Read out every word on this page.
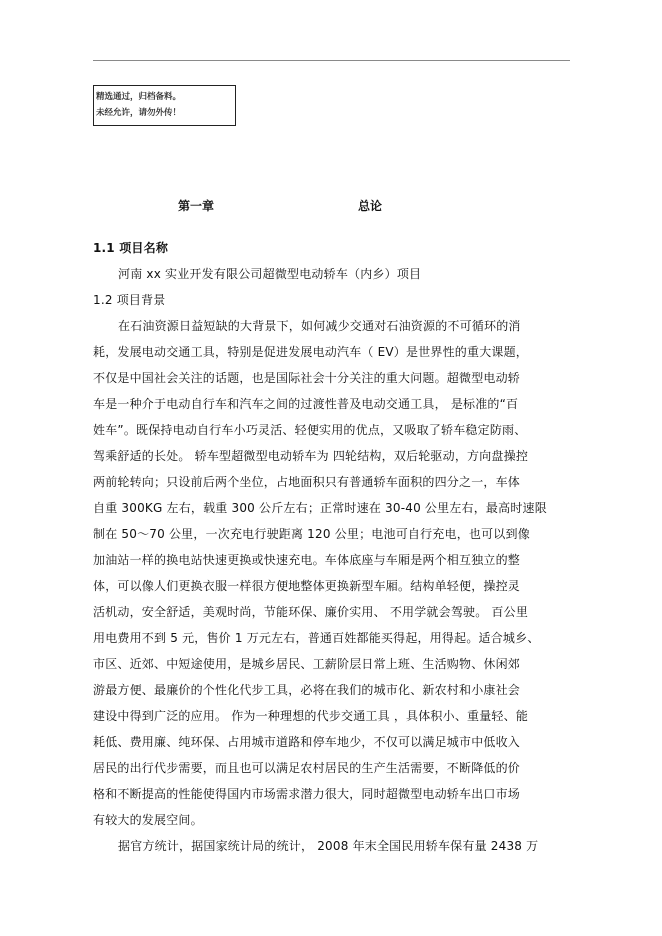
精选通过，归档备料。
未经允许，请勿外传！
第一章	总论
1.1 项目名称
河南 xx 实业开发有限公司超微型电动轿车（内乡）项目
1.2 项目背景
在石油资源日益短缺的大背景下，如何减少交通对石油资源的不可循环的消
耗，发展电动交通工具，特别是促进发展电动汽车（ EV）是世界性的重大课题，
不仅是中国社会关注的话题，也是国际社会十分关注的重大问题。超微型电动轿
车是一种介于电动自行车和汽车之间的过渡性普及电动交通工具， 是标准的“百
姓车”。既保持电动自行车小巧灵活、轻便实用的优点，又吸取了轿车稳定防雨、
驾乘舒适的长处。 轿车型超微型电动轿车为 四轮结构，双后轮驱动，方向盘操控
两前轮转向；只设前后两个坐位，占地面积只有普通轿车面积的四分之一，车体
自重 300KG 左右，载重 300 公斤左右；正常时速在 30-40 公里左右，最高时速限
制在 50～70 公里，一次充电行驶距离 120 公里；电池可自行充电，也可以到像
加油站一样的换电站快速更换或快速充电。车体底座与车厢是两个相互独立的整
体，可以像人们更换衣服一样很方便地整体更换新型车厢。结构单轻便，操控灵
活机动，安全舒适，美观时尚，节能环保、廉价实用、 不用学就会驾驶。 百公里
用电费用不到 5 元，售价 1 万元左右，普通百姓都能买得起，用得起。适合城乡、
市区、近郊、中短途使用，是城乡居民、工薪阶层日常上班、生活购物、休闲郊
游最方便、最廉价的个性化代步工具，必将在我们的城市化、新农村和小康社会
建设中得到广泛的应用。 作为一种理想的代步交通工具 ，具体积小、重量轻、能
耗低、费用廉、纯环保、占用城市道路和停车地少，不仅可以满足城市中低收入
居民的出行代步需要，而且也可以满足农村居民的生产生活需要，不断降低的价
格和不断提高的性能使得国内市场需求潜力很大，同时超微型电动轿车出口市场
有较大的发展空间。
据官方统计，据国家统计局的统计， 2008 年末全国民用轿车保有量 2438 万
